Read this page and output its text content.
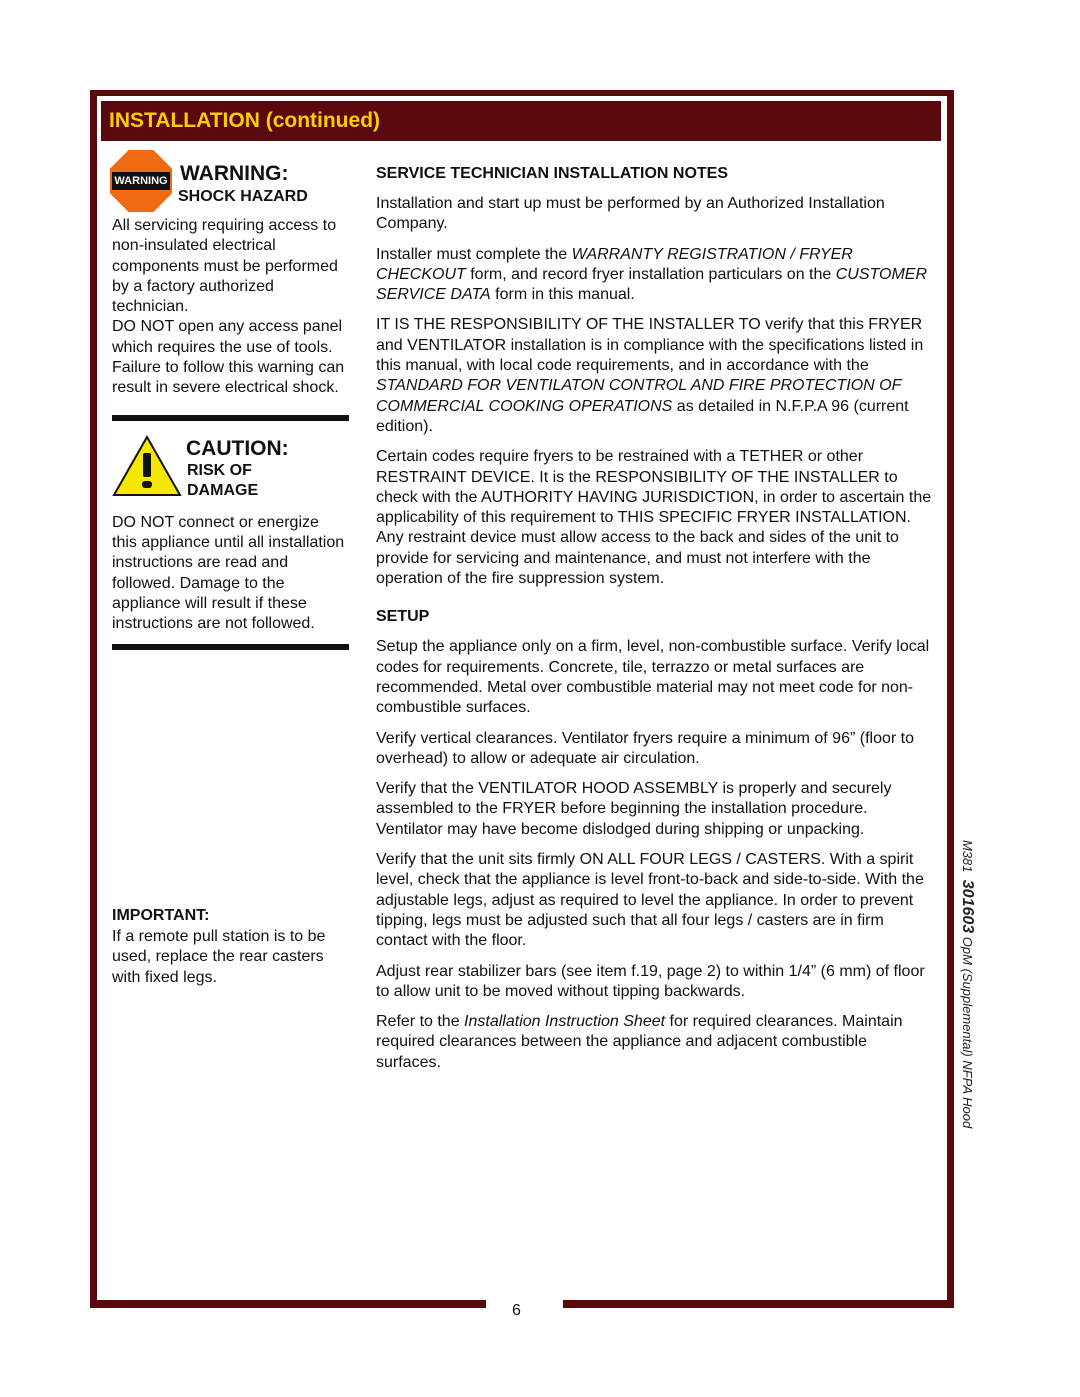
INSTALLATION (continued)
WARNING WARNING:
SHOCK HAZARD

All servicing requiring access to non-insulated electrical components must be performed by a factory authorized technician.

DO NOT open any access panel which requires the use of tools. Failure to follow this warning can result in severe electrical shock.

CAUTION:
RISK OF
DAMAGE

DO NOT connect or energize this appliance until all installation instructions are read and followed. Damage to the appliance will result if these instructions are not followed.

IMPORTANT:

If a remote pull station is to be used, replace the rear casters with fixed legs.

SERVICE TECHNICIAN INSTALLATION NOTES

Installation and start up must be performed by an Authorized Installation Company.

Installer must complete the WARRANTY REGISTRATION / FRYER CHECKOUT form, and record fryer installation particulars on the CUSTOMER SERVICE DATA form in this manual.

IT IS THE RESPONSIBILITY OF THE INSTALLER TO verify that this FRYER and VENTILATOR installation is in compliance with the specifications listed in this manual, with local code requirements, and in accordance with the STANDARD FOR VENTILATON CONTROL AND FIRE PROTECTION OF COMMERCIAL COOKING OPERATIONS as detailed in N.F.P.A 96 (current edition).

Certain codes require fryers to be restrained with a TETHER or other RESTRAINT DEVICE. It is the RESPONSIBILITY OF THE INSTALLER to check with the AUTHORITY HAVING JURISDICTION, in order to ascertain the applicability of this requirement to THIS SPECIFIC FRYER INSTALLATION. Any restraint device must allow access to the back and sides of the unit to provide for servicing and maintenance, and must not interfere with the operation of the fire suppression system.

SETUP

Setup the appliance only on a firm, level, non-combustible surface. Verify local codes for requirements. Concrete, tile, terrazzo or metal surfaces are recommended. Metal over combustible material may not meet code for non-combustible surfaces.

Verify vertical clearances. Ventilator fryers require a minimum of 96” (floor to overhead) to allow or adequate air circulation.

Verify that the VENTILATOR HOOD ASSEMBLY is properly and securely assembled to the FRYER before beginning the installation procedure. Ventilator may have become dislodged during shipping or unpacking.

Verify that the unit sits firmly ON ALL FOUR LEGS / CASTERS. With a spirit level, check that the appliance is level front-to-back and side-to-side. With the adjustable legs, adjust as required to level the appliance. In order to prevent tipping, legs must be adjusted such that all four legs / casters are in firm contact with the floor.

Adjust rear stabilizer bars (see item f.19, page 2) to within 1/4” (6 mm) of floor to allow unit to be moved without tipping backwards.

Refer to the Installation Instruction Sheet for required clearances. Maintain required clearances between the appliance and adjacent combustible surfaces.

M381  301603 OpM (Supplemental) NFPA Hood
6
